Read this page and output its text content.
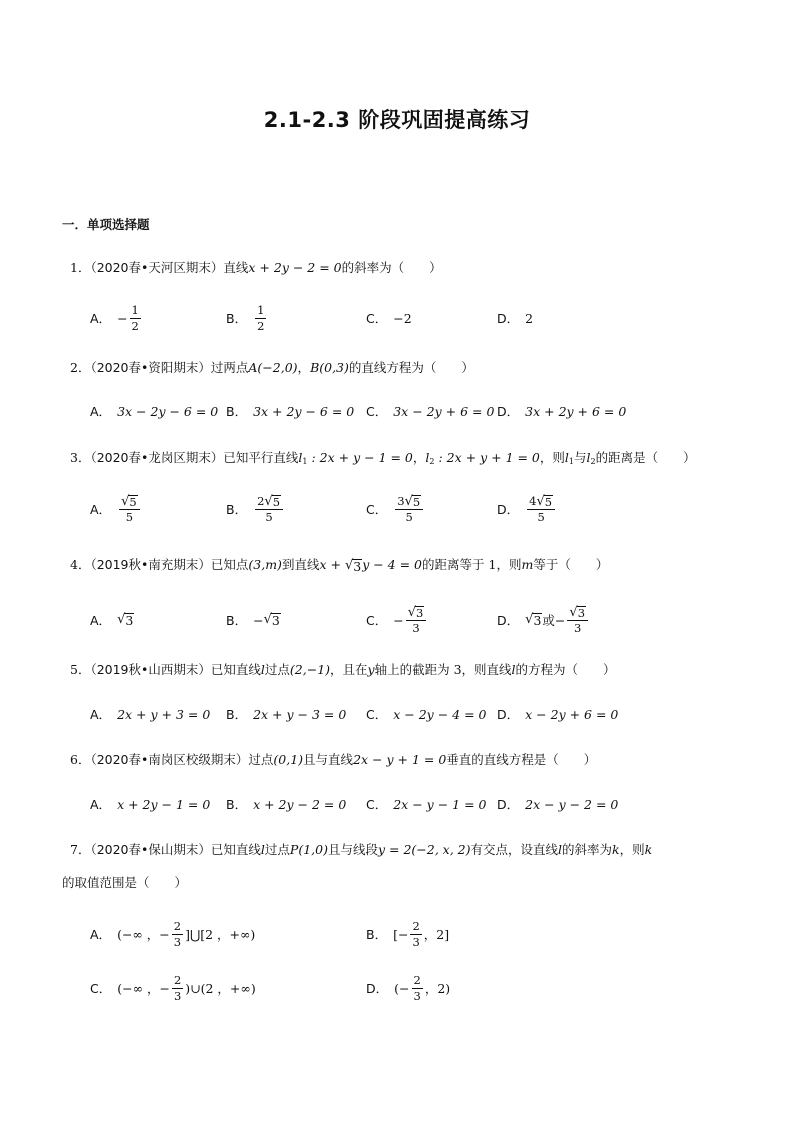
2.1-2.3 阶段巩固提高练习
一．单项选择题
1．（2020春•天河区期末）直线x + 2y − 2 = 0的斜率为（　　）
A． − $\frac{1}{2}$	B． $\frac{1}{2}$	C． −2	D． 2
2．（2020春•资阳期末）过两点A(−2,0)，B(0,3)的直线方程为（　　）
A． 3x − 2y − 6 = 0 B． 3x + 2y − 6 = 0 C． 3x − 2y + 6 = 0 D． 3x + 2y + 6 = 0
3．（2020春•龙岗区期末）已知平行直线$l_1$ : 2x + y − 1 = 0，$l_2$ : 2x + y + 1 = 0，则$l_1$与$l_2$的距离是（　　）
A． $\frac{√ 5}{5}$	B． $\frac{2 √ 5}{5}$	C． $\frac{3 √ 5}{5}$	D． $\frac{4 √ 5}{5}$
4．（2019秋•南充期末）已知点(3,m)到直线x + √ 3 y − 4 = 0的距离等于 1，则m等于（　　）
A． √ 3	B． − √ 3	C． − $\frac{√ 3}{3}$	D． √ 3 或 − $\frac{√ 3}{3}$
5．（2019秋•山西期末）已知直线l过点(2,−1)，且在y轴上的截距为 3，则直线l的方程为（　　）
A． 2x + y + 3 = 0 B． 2x + y − 3 = 0 C． x − 2y − 4 = 0 D． x − 2y + 6 = 0
6．（2020春•南岗区校级期末）过点(0,1)且与直线2x − y + 1 = 0垂直的直线方程是（　　）
A． x + 2y − 1 = 0 B． x + 2y − 2 = 0 C． 2x − y − 1 = 0 D． 2x − y − 2 = 0
7．（2020春•保山期末）已知直线l过点P(1,0)且与线段y = 2(−2‚ x‚ 2)有交点，设直线l的斜率为k，则k
的取值范围是（　　）
A． (−∞ ，− $\frac{2}{3}$ ]⋃[2 ，+∞)	B． [− $\frac{2}{3}$ ，2]
C． (−∞ ，− $\frac{2}{3}$ )∪(2 ，+∞)	D． (− $\frac{2}{3}$ ，2)
